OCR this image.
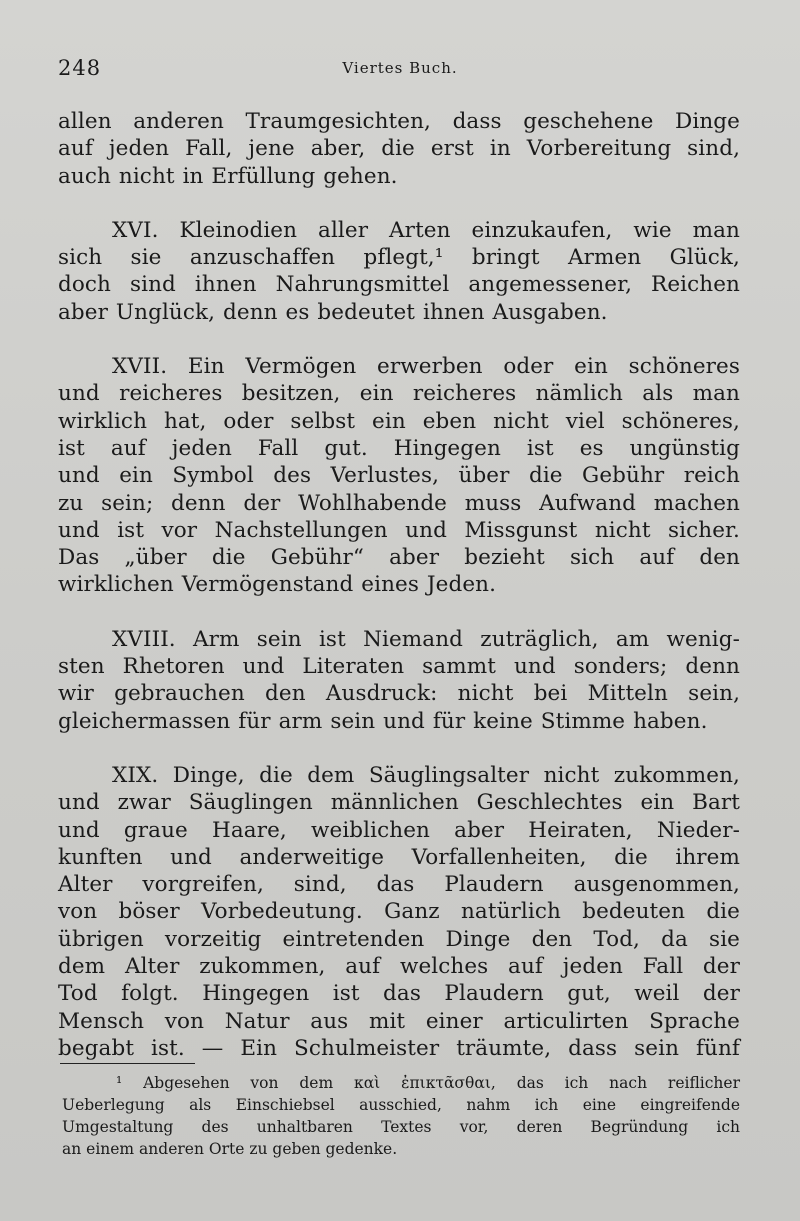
248	Viertes Buch.
allen anderen Traumgesichten, dass geschehene Dinge
auf jeden Fall, jene aber, die erst in Vorbereitung sind,
auch nicht in Erfüllung gehen.
XVI. Kleinodien aller Arten einzukaufen, wie man
sich sie anzuschaffen pflegt,¹ bringt Armen Glück,
doch sind ihnen Nahrungsmittel angemessener, Reichen
aber Unglück, denn es bedeutet ihnen Ausgaben.
XVII. Ein Vermögen erwerben oder ein schöneres
und reicheres besitzen, ein reicheres nämlich als man
wirklich hat, oder selbst ein eben nicht viel schöneres,
ist auf jeden Fall gut. Hingegen ist es ungünstig
und ein Symbol des Verlustes, über die Gebühr reich
zu sein; denn der Wohlhabende muss Aufwand machen
und ist vor Nachstellungen und Missgunst nicht sicher.
Das „über die Gebühr“ aber bezieht sich auf den
wirklichen Vermögenstand eines Jeden.
XVIII. Arm sein ist Niemand zuträglich, am wenig-
sten Rhetoren und Literaten sammt und sonders; denn
wir gebrauchen den Ausdruck: nicht bei Mitteln sein,
gleichermassen für arm sein und für keine Stimme haben.
XIX. Dinge, die dem Säuglingsalter nicht zukommen,
und zwar Säuglingen männlichen Geschlechtes ein Bart
und graue Haare, weiblichen aber Heiraten, Nieder-
kunften und anderweitige Vorfallenheiten, die ihrem
Alter vorgreifen, sind, das Plaudern ausgenommen,
von böser Vorbedeutung. Ganz natürlich bedeuten die
übrigen vorzeitig eintretenden Dinge den Tod, da sie
dem Alter zukommen, auf welches auf jeden Fall der
Tod folgt. Hingegen ist das Plaudern gut, weil der
Mensch von Natur aus mit einer articulirten Sprache
begabt ist. — Ein Schulmeister träumte, dass sein fünf
¹ Abgesehen von dem καὶ ἐπικτᾶσθαι, das ich nach reiflicher
Ueberlegung als Einschiebsel ausschied, nahm ich eine eingreifende
Umgestaltung des unhaltbaren Textes vor, deren Begründung ich
an einem anderen Orte zu geben gedenke.
